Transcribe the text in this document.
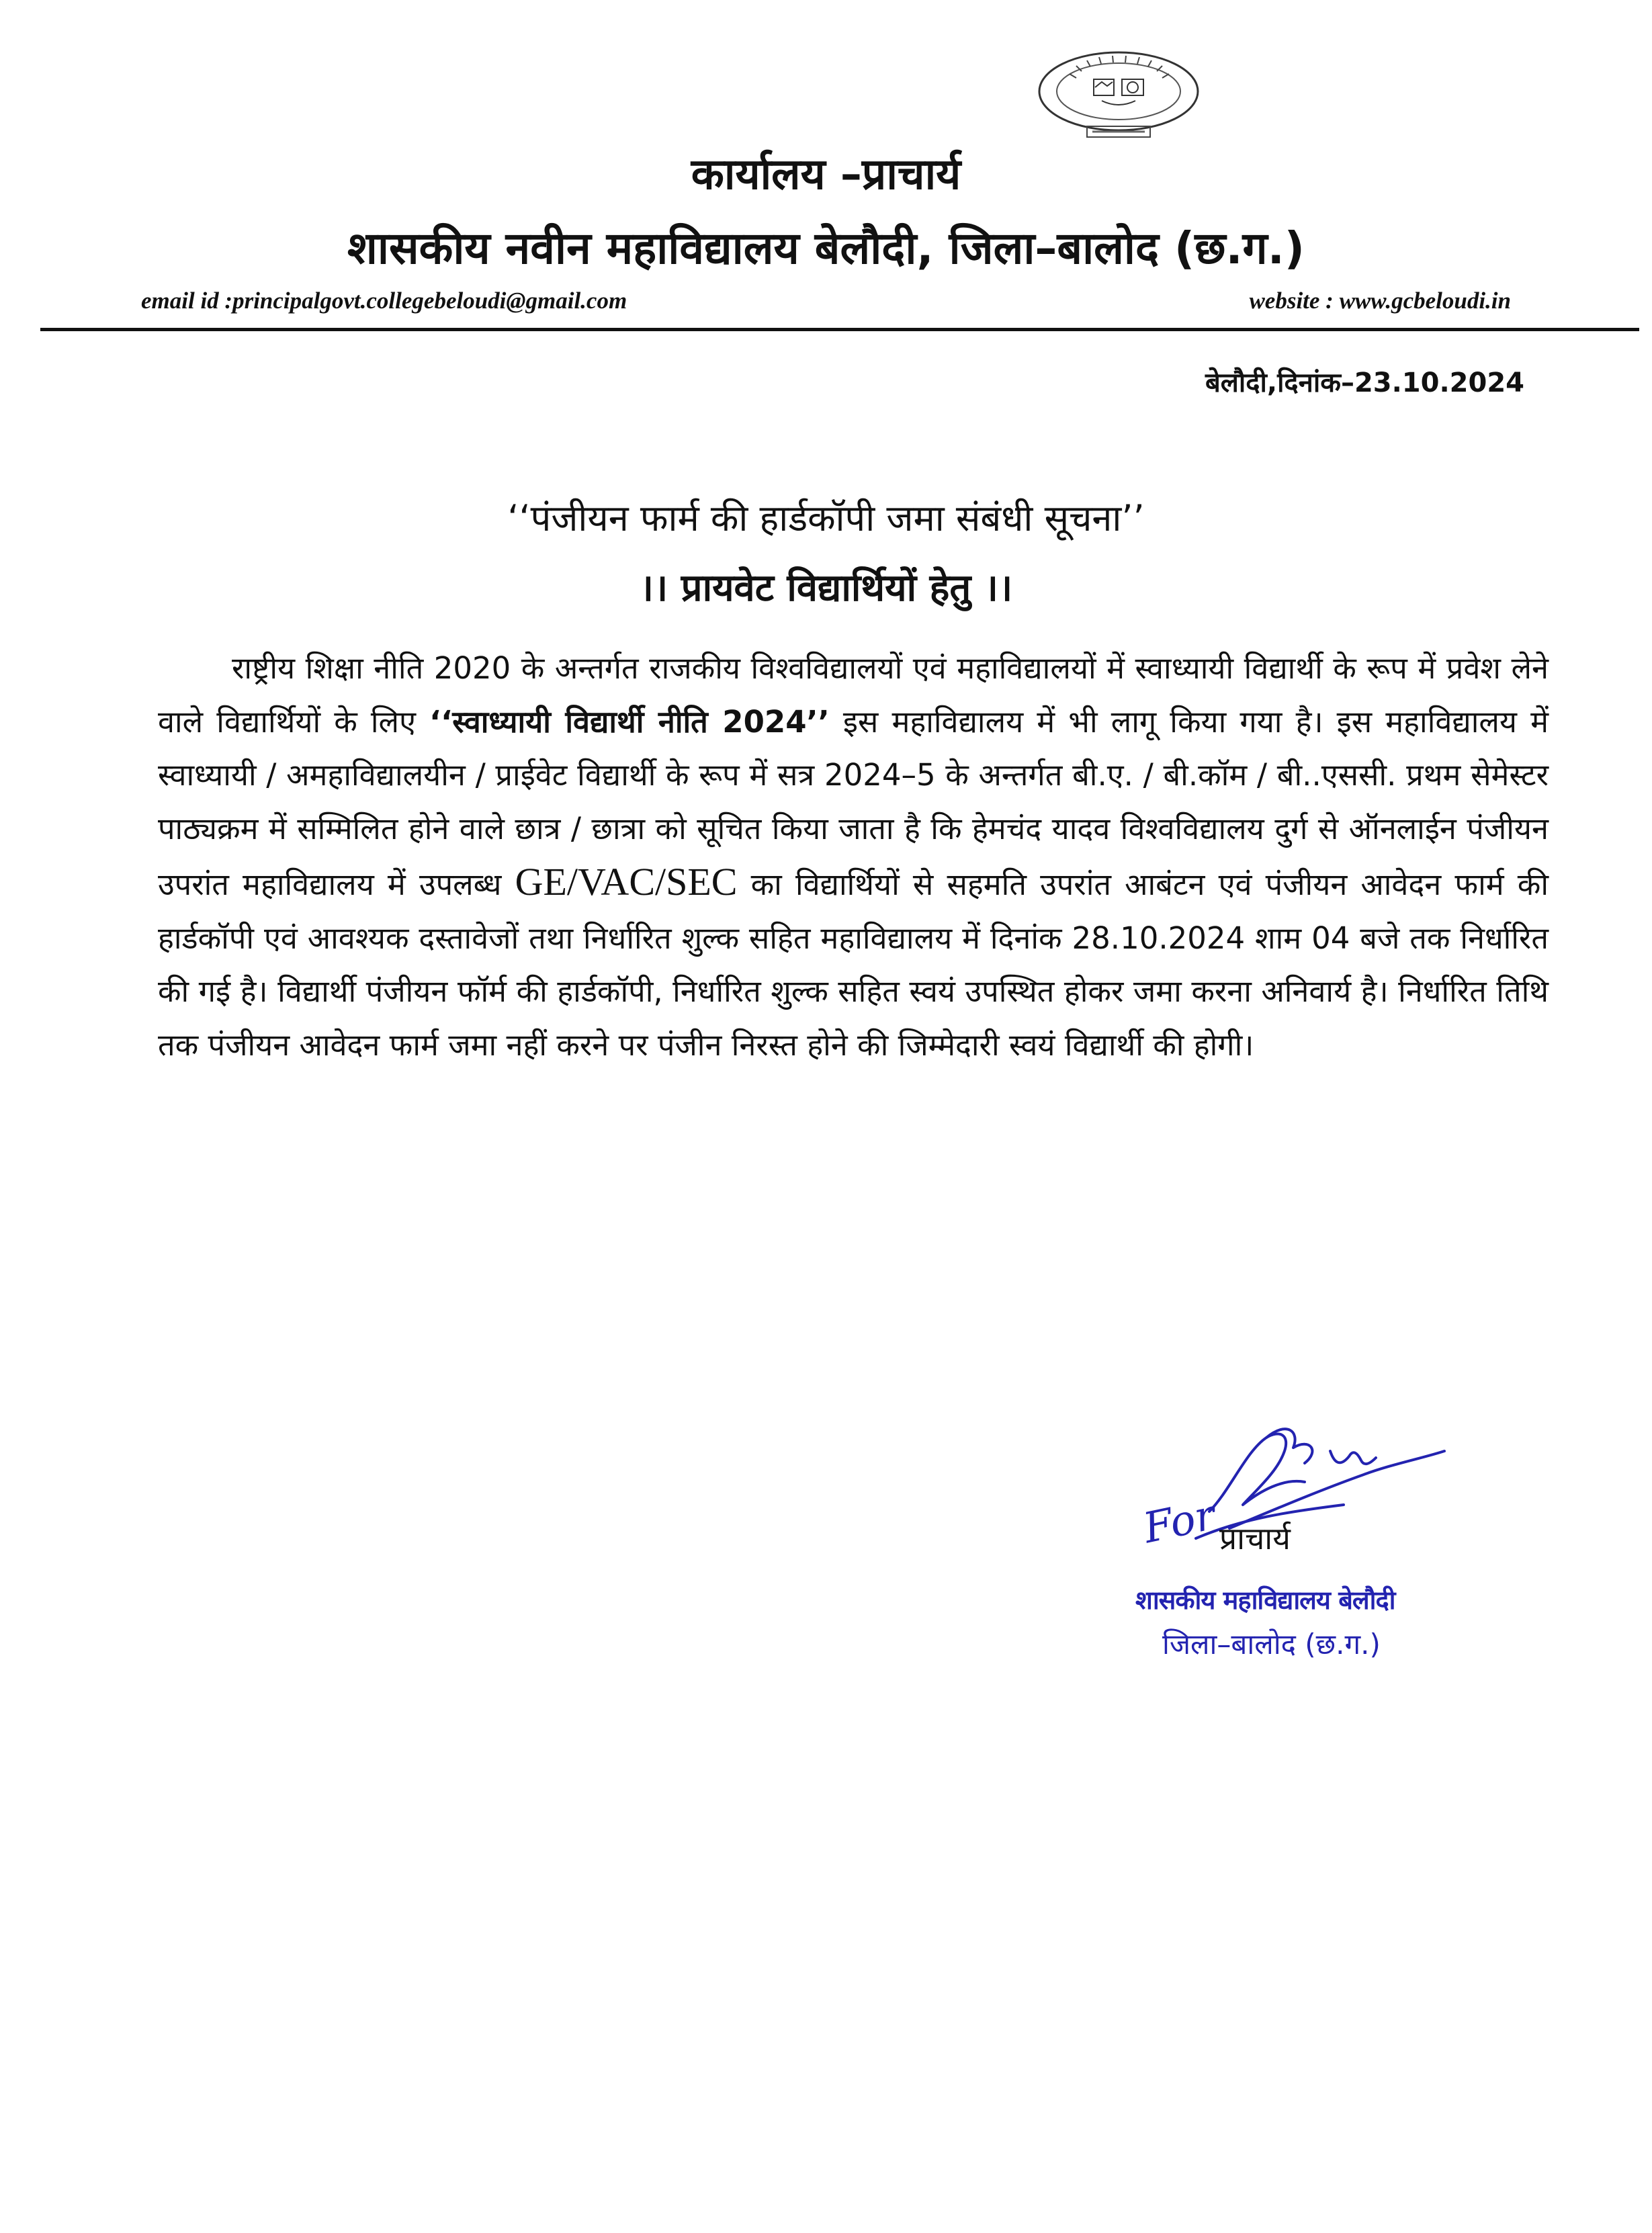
कार्यालय –प्राचार्य
शासकीय नवीन महाविद्यालय बेलौदी, जिला–बालोद (छ.ग.)
email id :principalgovt.collegebeloudi@gmail.com	website : www.gcbeloudi.in
बेलौदी,दिनांक–23.10.2024
‘‘पंजीयन फार्म की हार्डकॉपी जमा संबंधी सूचना’’
।। प्रायवेट विद्यार्थियों हेतु ।।
राष्ट्रीय शिक्षा नीति 2020 के अन्तर्गत राजकीय विश्वविद्यालयों एवं महाविद्यालयों में स्वाध्यायी विद्यार्थी के रूप में प्रवेश लेने वाले विद्यार्थियों के लिए ‘‘स्वाध्यायी विद्यार्थी नीति 2024’’ इस महाविद्यालय में भी लागू किया गया है। इस महाविद्यालय में स्वाध्यायी / अमहाविद्यालयीन / प्राईवेट विद्यार्थी के रूप में सत्र 2024–5 के अन्तर्गत बी.ए. / बी.कॉम / बी..एससी. प्रथम सेमेस्टर पाठ्यक्रम में सम्मिलित होने वाले छात्र / छात्रा को सूचित किया जाता है कि हेमचंद यादव विश्वविद्यालय दुर्ग से ऑनलाईन पंजीयन उपरांत महाविद्यालय में उपलब्ध GE/VAC/SEC का विद्यार्थियों से सहमति उपरांत आबंटन एवं पंजीयन आवेदन फार्म की हार्डकॉपी एवं आवश्यक दस्तावेजों तथा निर्धारित शुल्क सहित महाविद्यालय में दिनांक 28.10.2024 शाम 04 बजे तक निर्धारित की गई है। विद्यार्थी पंजीयन फॉर्म की हार्डकॉपी, निर्धारित शुल्क सहित स्वयं उपस्थित होकर जमा करना अनिवार्य है। निर्धारित तिथि तक पंजीयन आवेदन फार्म जमा नहीं करने पर पंजीन निरस्त होने की जिम्मेदारी स्वयं विद्यार्थी की होगी।
For प्राचार्य
शासकीय महाविद्यालय बेलौदी
जिला–बालोद (छ.ग.)
